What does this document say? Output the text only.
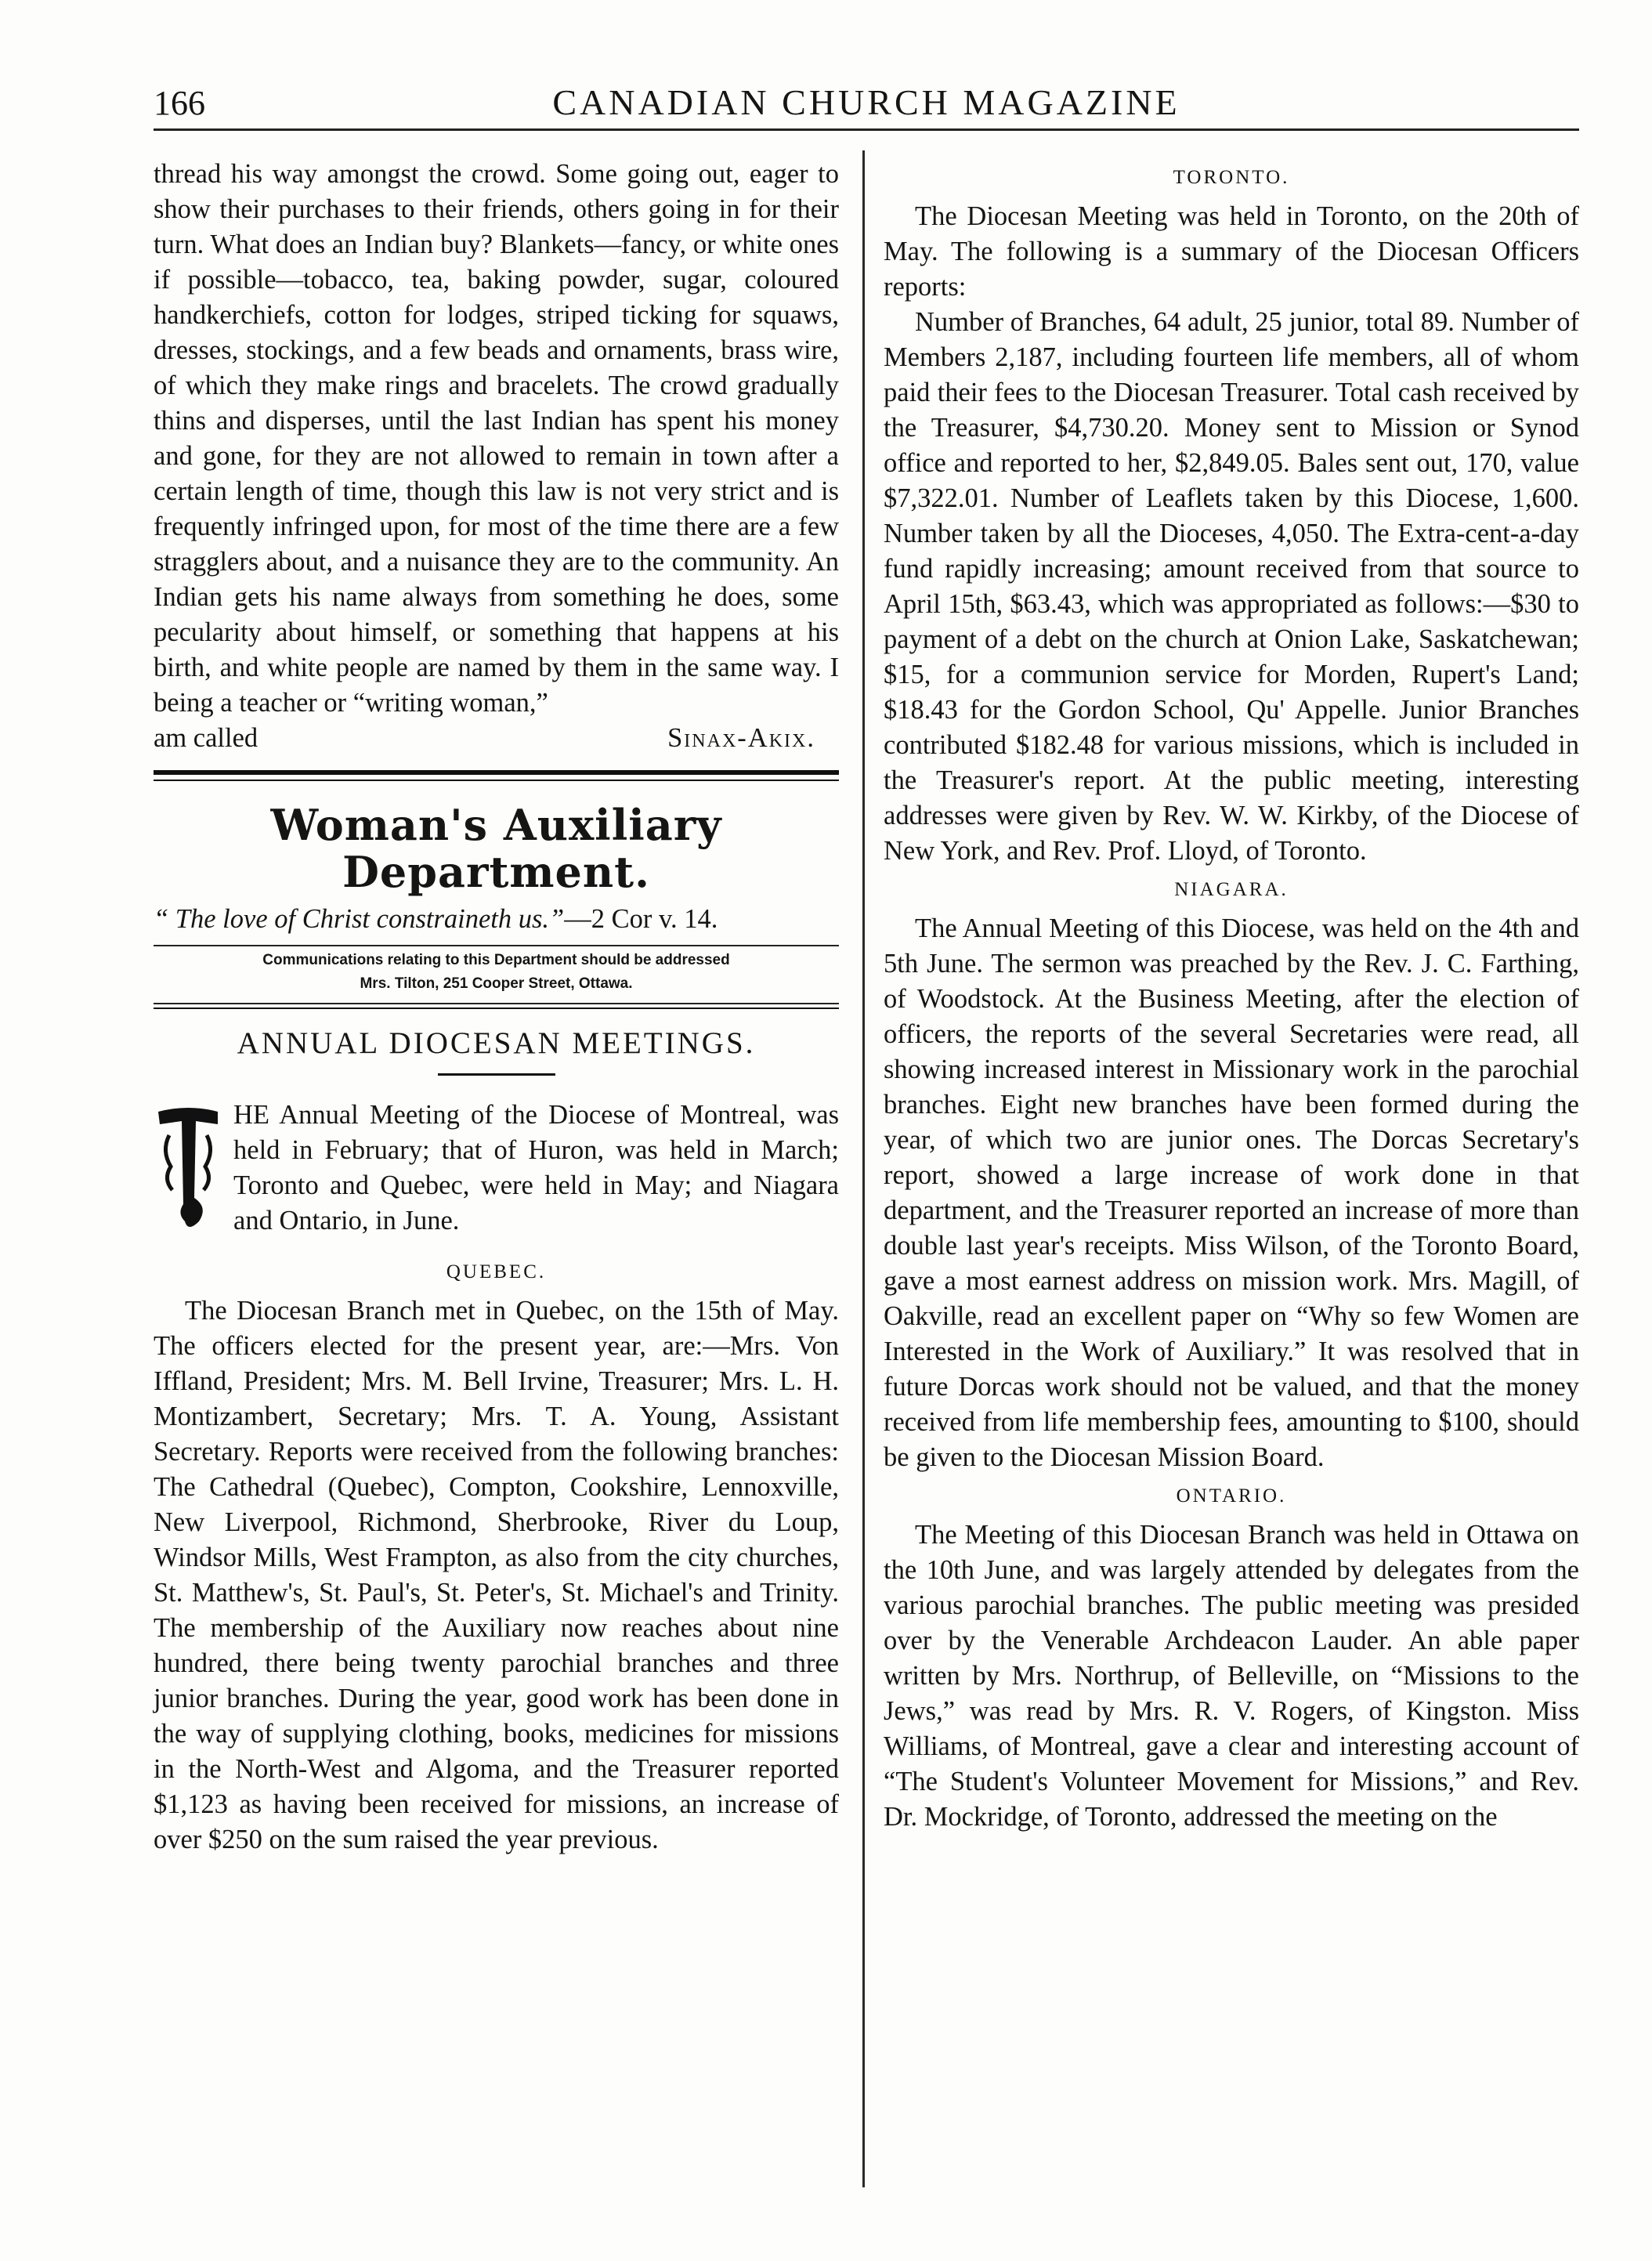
166	CANADIAN CHURCH MAGAZINE

thread his way amongst the crowd. Some going out, eager to show their purchases to their friends, others going in for their turn. What does an Indian buy? Blankets—fancy, or white ones if possible—tobacco, tea, baking powder, sugar, coloured handkerchiefs, cotton for lodges, striped ticking for squaws, dresses, stockings, and a few beads and ornaments, brass wire, of which they make rings and bracelets. The crowd gradually thins and disperses, until the last Indian has spent his money and gone, for they are not allowed to remain in town after a certain length of time, though this law is not very strict and is frequently infringed upon, for most of the time there are a few stragglers about, and a nuisance they are to the community. An Indian gets his name always from something he does, some pecularity about himself, or something that happens at his birth, and white people are named by them in the same way. I being a teacher or “writing woman,”

am called	Sinax-Akix.
Woman's Auxiliary Department.

“ The love of Christ constraineth us.”—2 Cor v. 14.

Communications relating to this Department should be addressed
Mrs. Tilton, 251 Cooper Street, Ottawa.
ANNUAL DIOCESAN MEETINGS.

HE Annual Meeting of the Diocese of Montreal, was held in February; that of Huron, was held in March; Toronto and Quebec, were held in May; and Niagara and Ontario, in June.

QUEBEC.

The Diocesan Branch met in Quebec, on the 15th of May. The officers elected for the present year, are:—Mrs. Von Iffland, President; Mrs. M. Bell Irvine, Treasurer; Mrs. L. H. Montizambert, Secretary; Mrs. T. A. Young, Assistant Secretary. Reports were received from the following branches: The Cathedral (Quebec), Compton, Cookshire, Lennoxville, New Liverpool, Richmond, Sherbrooke, River du Loup, Windsor Mills, West Frampton, as also from the city churches, St. Matthew's, St. Paul's, St. Peter's, St. Michael's and Trinity. The membership of the Auxiliary now reaches about nine hundred, there being twenty parochial branches and three junior branches. During the year, good work has been done in the way of supplying clothing, books, medicines for missions in the North-West and Algoma, and the Treasurer reported $1,123 as having been received for missions, an increase of over $250 on the sum raised the year previous.

TORONTO.

The Diocesan Meeting was held in Toronto, on the 20th of May. The following is a summary of the Diocesan Officers reports:

Number of Branches, 64 adult, 25 junior, total 89. Number of Members 2,187, including fourteen life members, all of whom paid their fees to the Diocesan Treasurer. Total cash received by the Treasurer, $4,730.20. Money sent to Mission or Synod office and reported to her, $2,849.05. Bales sent out, 170, value $7,322.01. Number of Leaflets taken by this Diocese, 1,600. Number taken by all the Dioceses, 4,050. The Extra-cent-a-day fund rapidly increasing; amount received from that source to April 15th, $63.43, which was appropriated as follows:—$30 to payment of a debt on the church at Onion Lake, Saskatchewan; $15, for a communion service for Morden, Rupert's Land; $18.43 for the Gordon School, Qu' Appelle. Junior Branches contributed $182.48 for various missions, which is included in the Treasurer's report. At the public meeting, interesting addresses were given by Rev. W. W. Kirkby, of the Diocese of New York, and Rev. Prof. Lloyd, of Toronto.

NIAGARA.

The Annual Meeting of this Diocese, was held on the 4th and 5th June. The sermon was preached by the Rev. J. C. Farthing, of Woodstock. At the Business Meeting, after the election of officers, the reports of the several Secretaries were read, all showing increased interest in Missionary work in the parochial branches. Eight new branches have been formed during the year, of which two are junior ones. The Dorcas Secretary's report, showed a large increase of work done in that department, and the Treasurer reported an increase of more than double last year's receipts. Miss Wilson, of the Toronto Board, gave a most earnest address on mission work. Mrs. Magill, of Oakville, read an excellent paper on “Why so few Women are Interested in the Work of Auxiliary.” It was resolved that in future Dorcas work should not be valued, and that the money received from life membership fees, amounting to $100, should be given to the Diocesan Mission Board.

ONTARIO.

The Meeting of this Diocesan Branch was held in Ottawa on the 10th June, and was largely attended by delegates from the various parochial branches. The public meeting was presided over by the Venerable Archdeacon Lauder. An able paper written by Mrs. Northrup, of Belleville, on “Missions to the Jews,” was read by Mrs. R. V. Rogers, of Kingston. Miss Williams, of Montreal, gave a clear and interesting account of “The Student's Volunteer Movement for Missions,” and Rev. Dr. Mockridge, of Toronto, addressed the meeting on the
